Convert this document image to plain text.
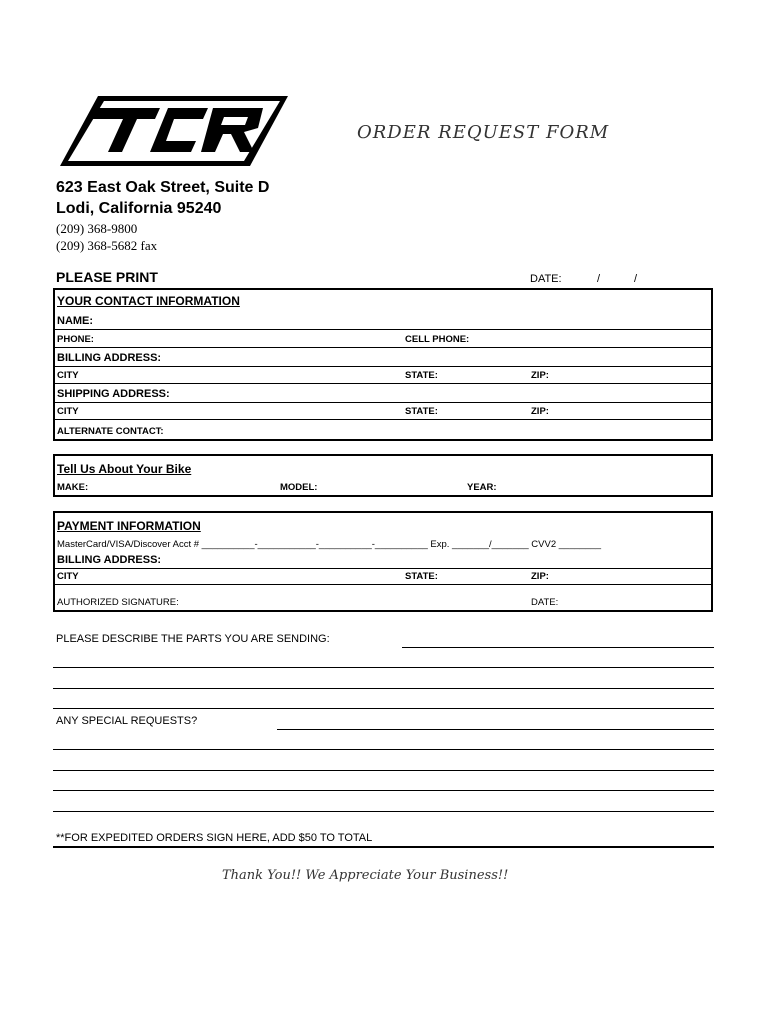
ORDER REQUEST FORM
623 East Oak Street, Suite D
Lodi, California 95240
(209) 368-9800
(209) 368-5682 fax
PLEASE PRINT	DATE:	/	/
YOUR CONTACT INFORMATION
NAME:
PHONE:	CELL PHONE:
BILLING ADDRESS:
CITY	STATE:	ZIP:
SHIPPING ADDRESS:
CITY	STATE:	ZIP:
ALTERNATE CONTACT:
Tell Us About Your Bike
MAKE:	MODEL:	YEAR:
PAYMENT INFORMATION
MasterCard/VISA/Discover Acct # __________-___________-__________-__________ Exp. _______/_______ CVV2 ________
BILLING ADDRESS:
CITY	STATE:	ZIP:
AUTHORIZED SIGNATURE:	DATE:
PLEASE DESCRIBE THE PARTS YOU ARE SENDING:
ANY SPECIAL REQUESTS?
**FOR EXPEDITED ORDERS SIGN HERE, ADD $50 TO TOTAL
Thank You!! We Appreciate Your Business!!
